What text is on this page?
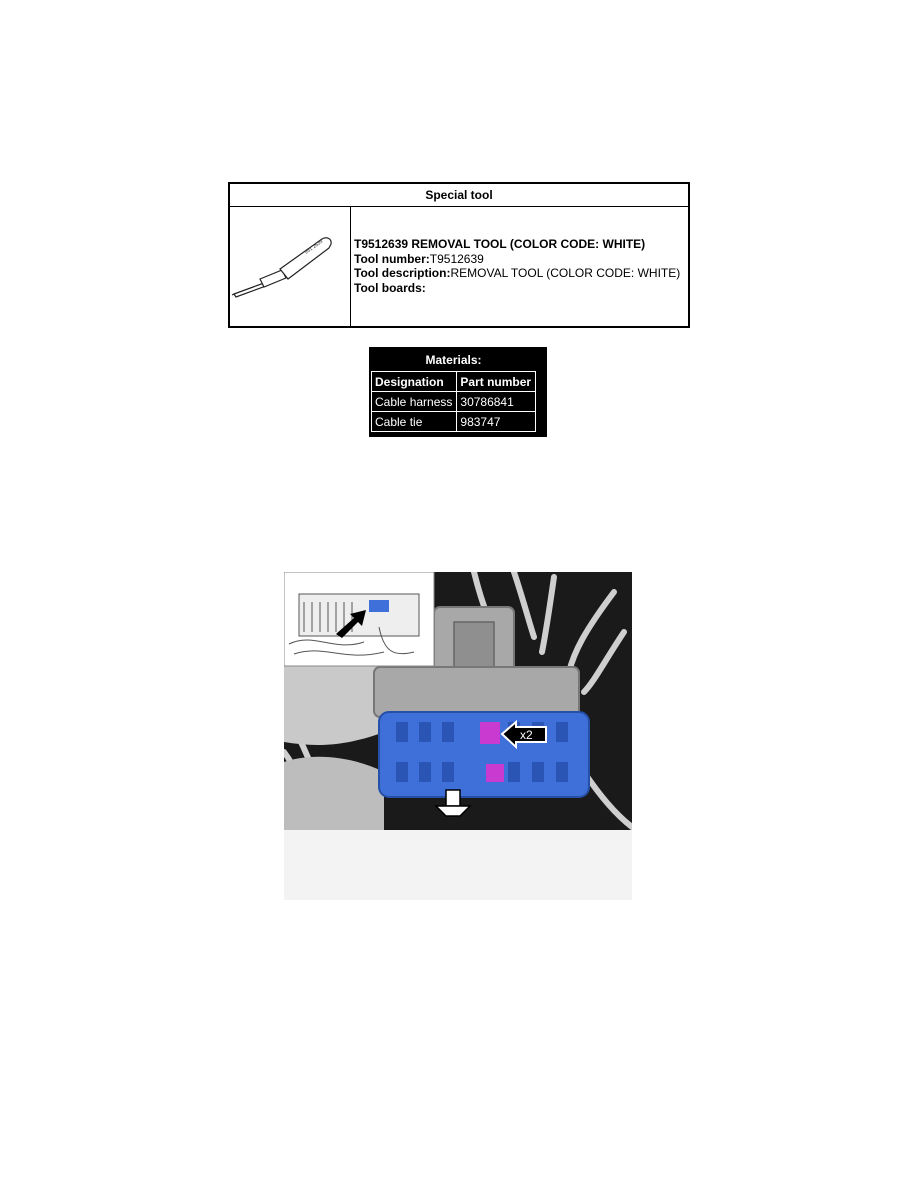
Special tool
951 2639 T9512639 REMOVAL TOOL (COLOR CODE: WHITE)
Tool number:T9512639
Tool description:REMOVAL TOOL (COLOR CODE: WHITE)
Tool boards:
Materials:	
Designation	Part number
Cable harness	30786841
Cable tie	983747
x2
